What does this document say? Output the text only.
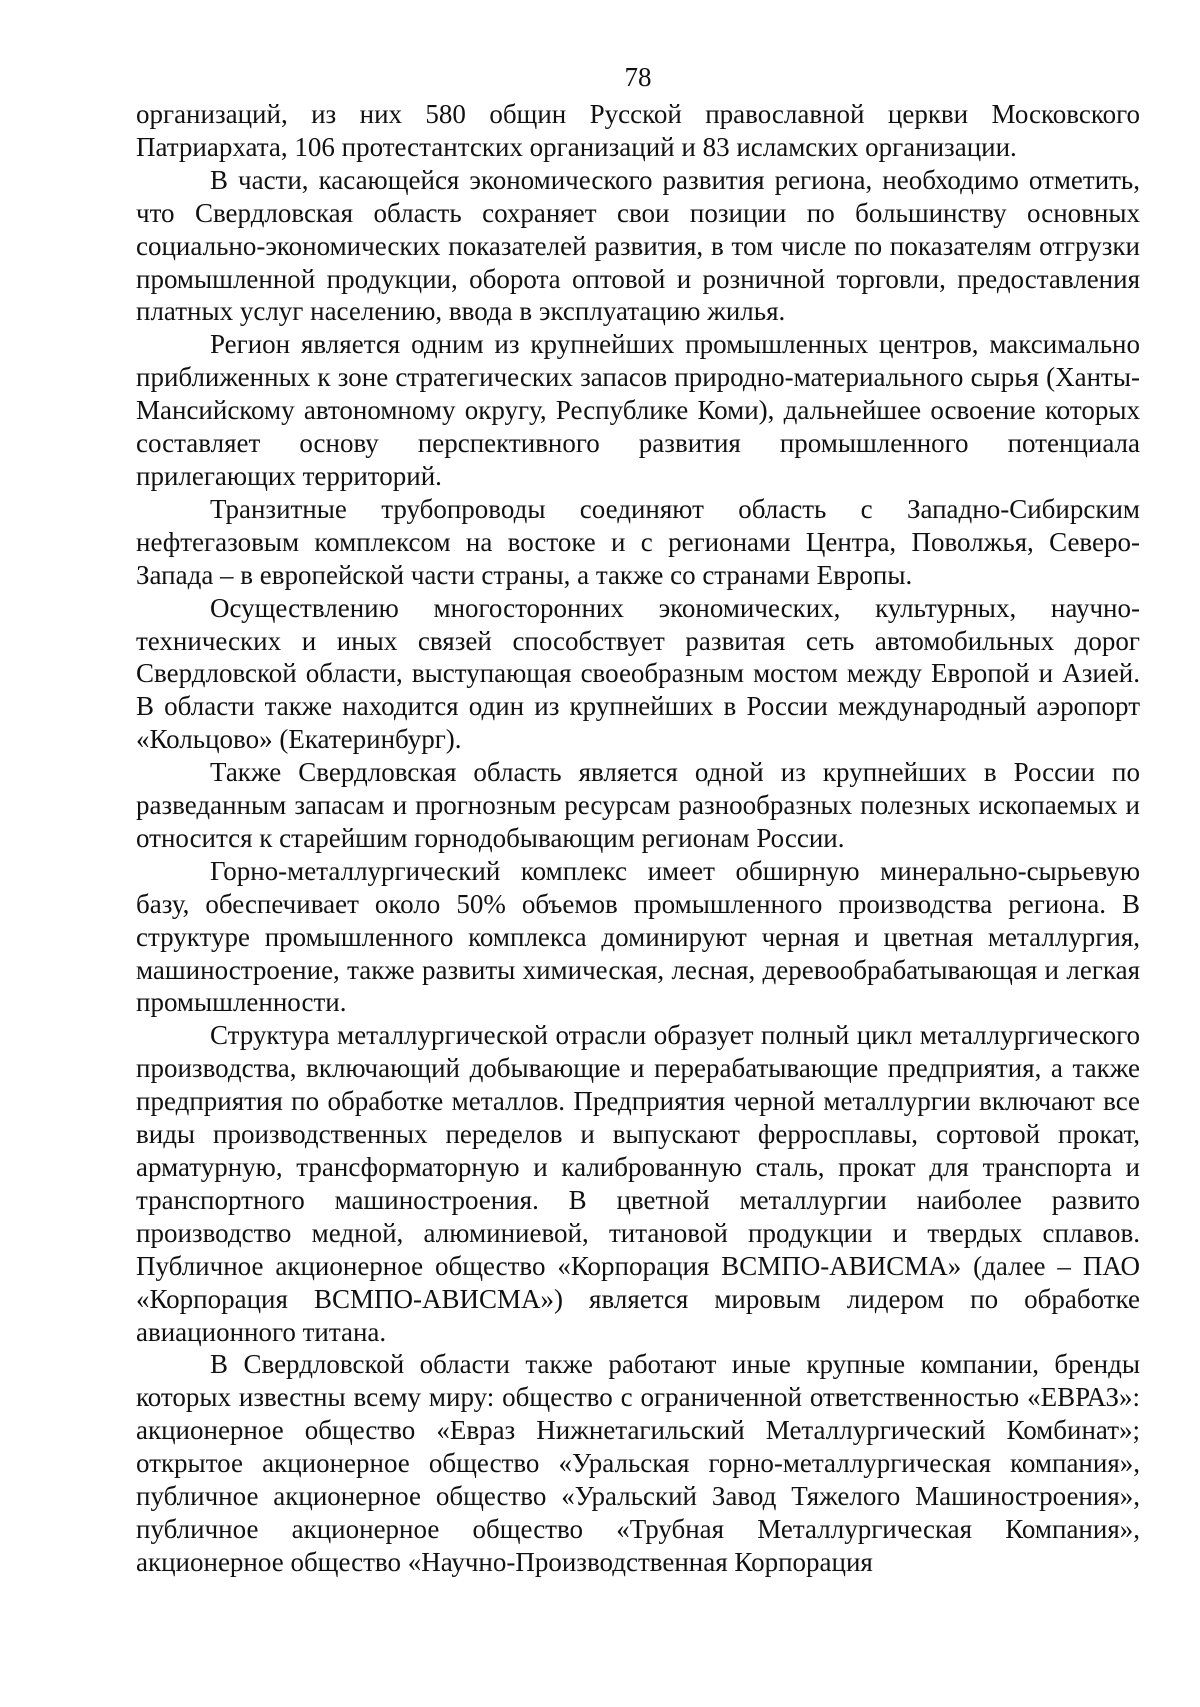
78

организаций, из них 580 общин Русской православной церкви Московского Патриархата, 106 протестантских организаций и 83 исламских организации.

В части, касающейся экономического развития региона, необходимо отметить, что Свердловская область сохраняет свои позиции по большинству основных социально-экономических показателей развития, в том числе по показателям отгрузки промышленной продукции, оборота оптовой и розничной торговли, предоставления платных услуг населению, ввода в эксплуатацию жилья.

Регион является одним из крупнейших промышленных центров, максимально приближенных к зоне стратегических запасов природно-материального сырья (Ханты-Мансийскому автономному округу, Республике Коми), дальнейшее освоение которых составляет основу перспективного развития промышленного потенциала прилегающих территорий.

Транзитные трубопроводы соединяют область с Западно-Сибирским нефтегазовым комплексом на востоке и с регионами Центра, Поволжья, Северо-Запада – в европейской части страны, а также со странами Европы.

Осуществлению многосторонних экономических, культурных, научно-технических и иных связей способствует развитая сеть автомобильных дорог Свердловской области, выступающая своеобразным мостом между Европой и Азией. В области также находится один из крупнейших в России международный аэропорт «Кольцово» (Екатеринбург).

Также Свердловская область является одной из крупнейших в России по разведанным запасам и прогнозным ресурсам разнообразных полезных ископаемых и относится к старейшим горнодобывающим регионам России.

Горно-металлургический комплекс имеет обширную минерально-сырьевую базу, обеспечивает около 50% объемов промышленного производства региона. В структуре промышленного комплекса доминируют черная и цветная металлургия, машиностроение, также развиты химическая, лесная, деревообрабатывающая и легкая промышленности.

Структура металлургической отрасли образует полный цикл металлургического производства, включающий добывающие и перерабатывающие предприятия, а также предприятия по обработке металлов. Предприятия черной металлургии включают все виды производственных переделов и выпускают ферросплавы, сортовой прокат, арматурную, трансформаторную и калиброванную сталь, прокат для транспорта и транспортного машиностроения. В цветной металлургии наиболее развито производство медной, алюминиевой, титановой продукции и твердых сплавов. Публичное акционерное общество «Корпорация ВСМПО-АВИСМА» (далее – ПАО «Корпорация ВСМПО-АВИСМА») является мировым лидером по обработке авиационного титана.

В Свердловской области также работают иные крупные компании, бренды которых известны всему миру: общество с ограниченной ответственностью «ЕВРАЗ»: акционерное общество «Евраз Нижнетагильский Металлургический Комбинат»; открытое акционерное общество «Уральская горно-металлургическая компания», публичное акционерное общество «Уральский Завод Тяжелого Машиностроения», публичное акционерное общество «Трубная Металлургическая Компания», акционерное общество «Научно-Производственная Корпорация
